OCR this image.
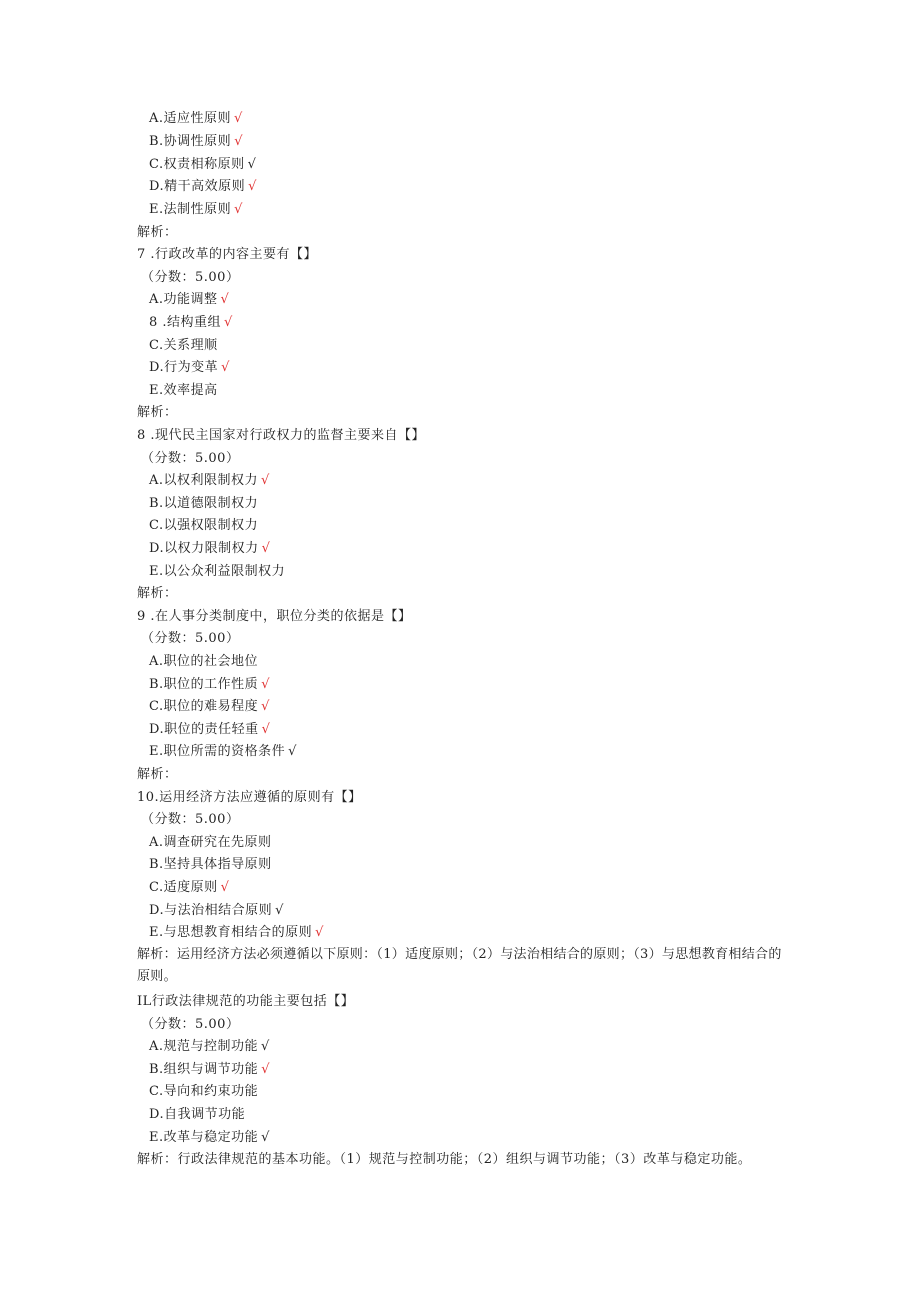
A.适应性原则 √
B.协调性原则 √
C.权责相称原则 √
D.精干高效原则 √
E.法制性原则 √
解析：
7 .行政改革的内容主要有【】
（分数：5.00）
A.功能调整 √
8 .结构重组 √
C.关系理顺
D.行为变革 √
E.效率提高
解析：
8 .现代民主国家对行政权力的监督主要来自【】
（分数：5.00）
A.以权利限制权力 √
B.以道德限制权力
C.以强权限制权力
D.以权力限制权力 √
E.以公众利益限制权力
解析：
9 .在人事分类制度中，职位分类的依据是【】
（分数：5.00）
A.职位的社会地位
B.职位的工作性质 √
C.职位的难易程度 √
D.职位的责任轻重 √
E.职位所需的资格条件 √
解析：
10.运用经济方法应遵循的原则有【】
（分数：5.00）
A.调查研究在先原则
B.坚持具体指导原则
C.适度原则 √
D.与法治相结合原则 √
E.与思想教育相结合的原则 √
解析：运用经济方法必须遵循以下原则：（1）适度原则；（2）与法治相结合的原则；（3）与思想教育相结合的原则。
IL行政法律规范的功能主要包括【】
（分数：5.00）
A.规范与控制功能 √
B.组织与调节功能 √
C.导向和约束功能
D.自我调节功能
E.改革与稳定功能 √
解析：行政法律规范的基本功能。（1）规范与控制功能；（2）组织与调节功能；（3）改革与稳定功能。
